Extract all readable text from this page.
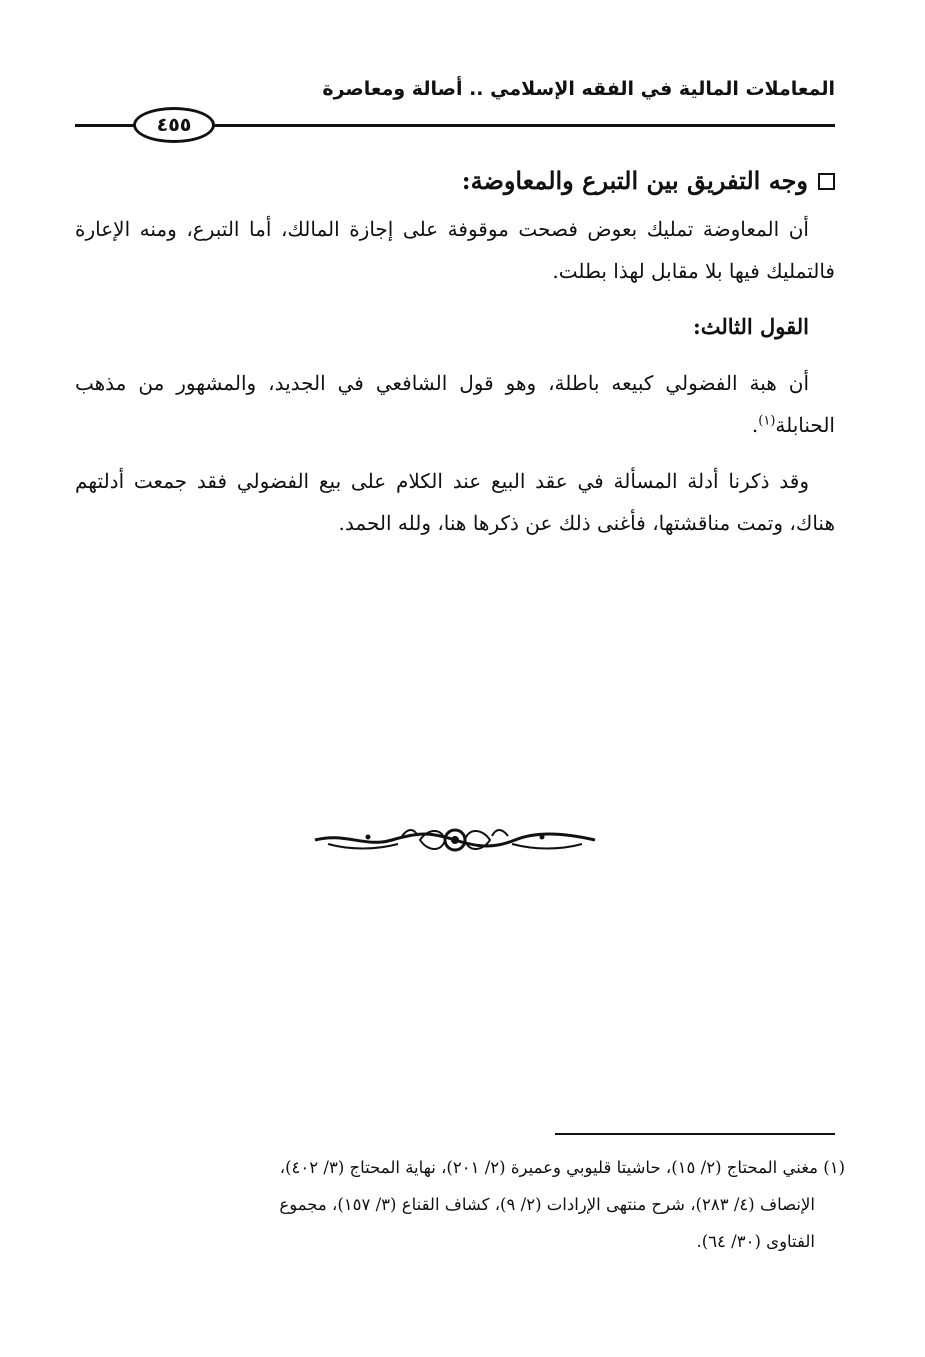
المعاملات المالية في الفقه الإسلامي .. أصالة ومعاصرة
٤٥٥
وجه التفريق بين التبرع والمعاوضة:

أن المعاوضة تمليك بعوض فصحت موقوفة على إجازة المالك، أما التبرع، ومنه الإعارة فالتمليك فيها بلا مقابل لهذا بطلت.

القول الثالث:

أن هبة الفضولي كبيعه باطلة، وهو قول الشافعي في الجديد، والمشهور من مذهب الحنابلة$^{(١)}$.

وقد ذكرنا أدلة المسألة في عقد البيع عند الكلام على بيع الفضولي فقد جمعت أدلتهم هناك، وتمت مناقشتها، فأغنى ذلك عن ذكرها هنا، ولله الحمد.

(١) مغني المحتاج (٢/ ١٥)، حاشيتا قليوبي وعميرة (٢/ ٢٠١)، نهاية المحتاج (٣/ ٤٠٢)،
الإنصاف (٤/ ٢٨٣)، شرح منتهى الإرادات (٢/ ٩)، كشاف القناع (٣/ ١٥٧)، مجموع
الفتاوى (٣٠/ ٦٤).
